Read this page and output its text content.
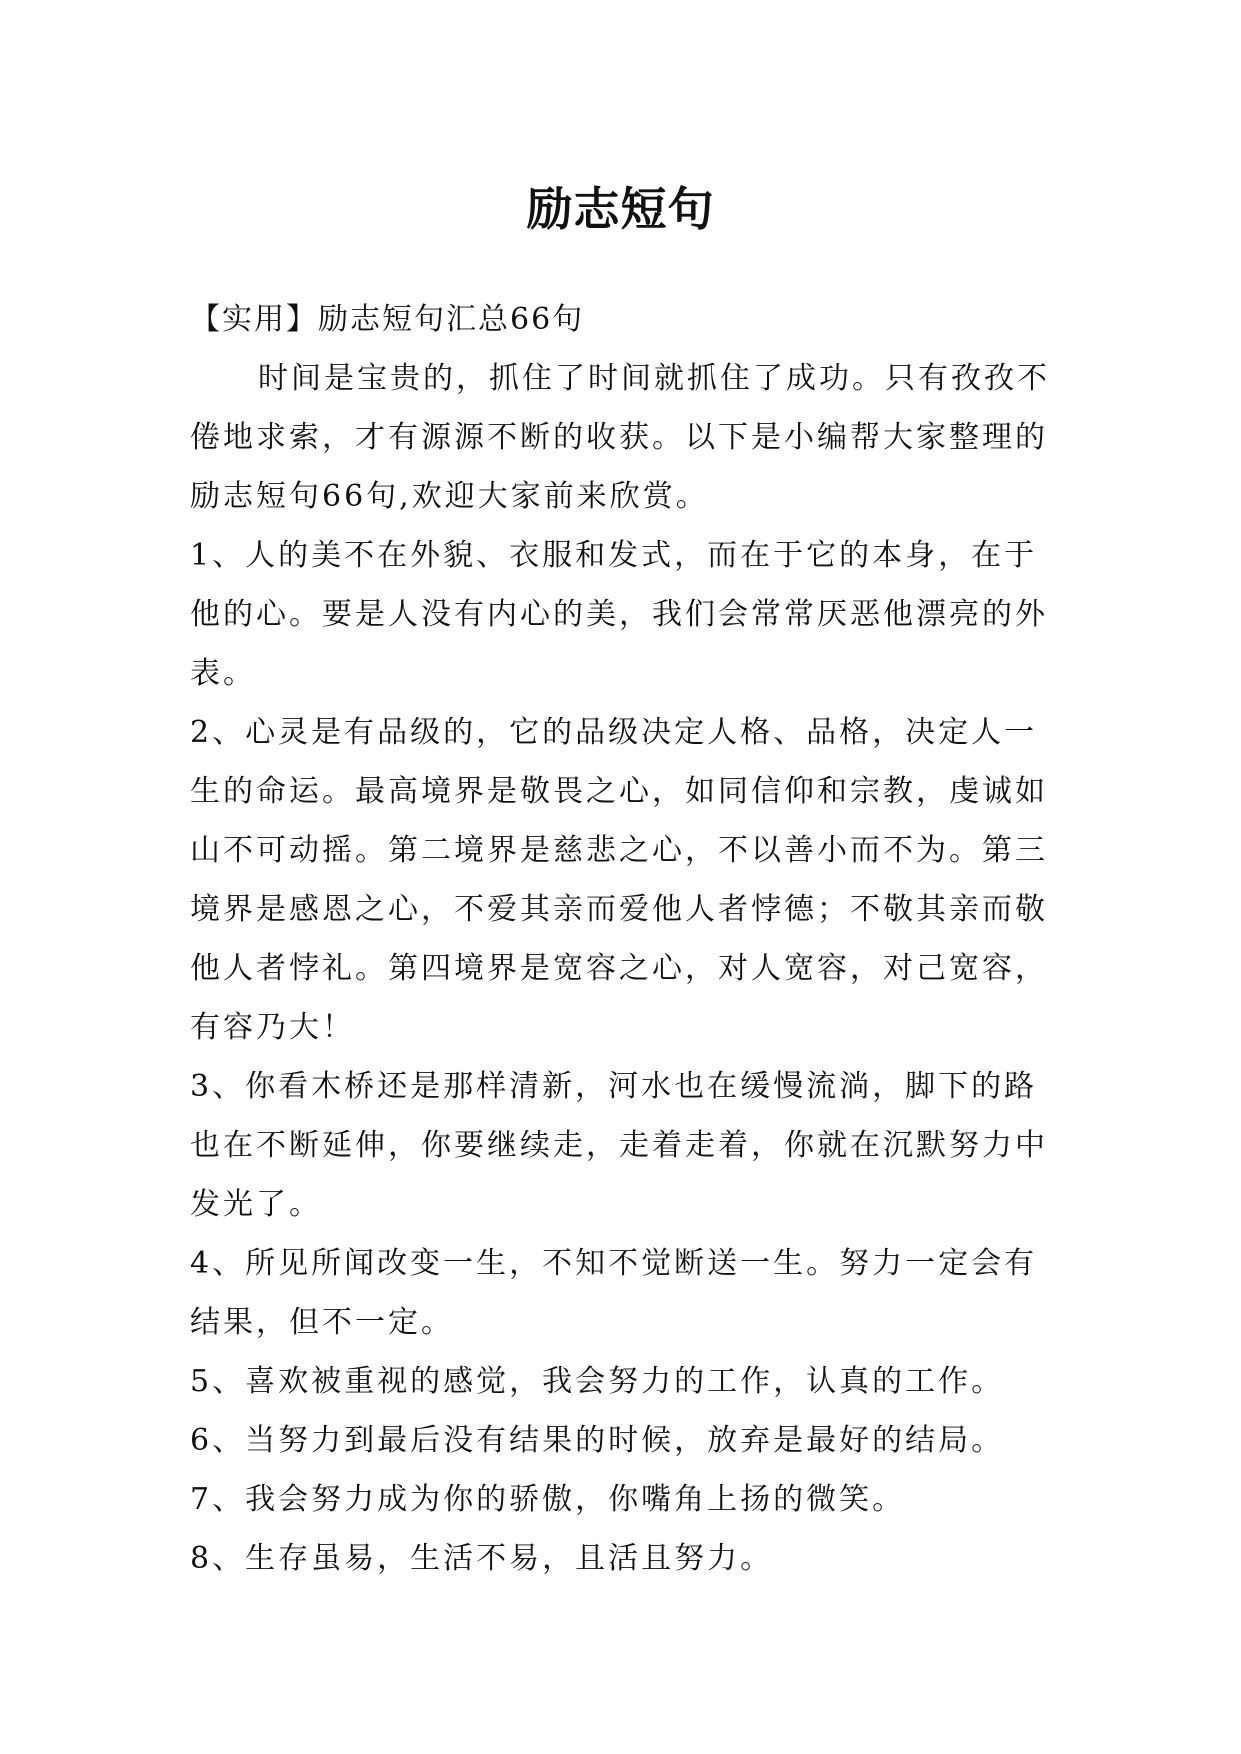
励志短句

【实用】励志短句汇总66句

时间是宝贵的，抓住了时间就抓住了成功。只有孜孜不倦地求索，才有源源不断的收获。以下是小编帮大家整理的励志短句66句,欢迎大家前来欣赏。

1、人的美不在外貌、衣服和发式，而在于它的本身，在于他的心。要是人没有内心的美，我们会常常厌恶他漂亮的外表。

2、心灵是有品级的，它的品级决定人格、品格，决定人一生的命运。最高境界是敬畏之心，如同信仰和宗教，虔诚如山不可动摇。第二境界是慈悲之心，不以善小而不为。第三境界是感恩之心，不爱其亲而爱他人者悖德；不敬其亲而敬他人者悖礼。第四境界是宽容之心，对人宽容，对己宽容，有容乃大！

3、你看木桥还是那样清新，河水也在缓慢流淌，脚下的路也在不断延伸，你要继续走，走着走着，你就在沉默努力中发光了。

4、所见所闻改变一生，不知不觉断送一生。努力一定会有结果，但不一定。

5、喜欢被重视的感觉，我会努力的工作，认真的工作。

6、当努力到最后没有结果的时候，放弃是最好的结局。

7、我会努力成为你的骄傲，你嘴角上扬的微笑。

8、生存虽易，生活不易，且活且努力。
